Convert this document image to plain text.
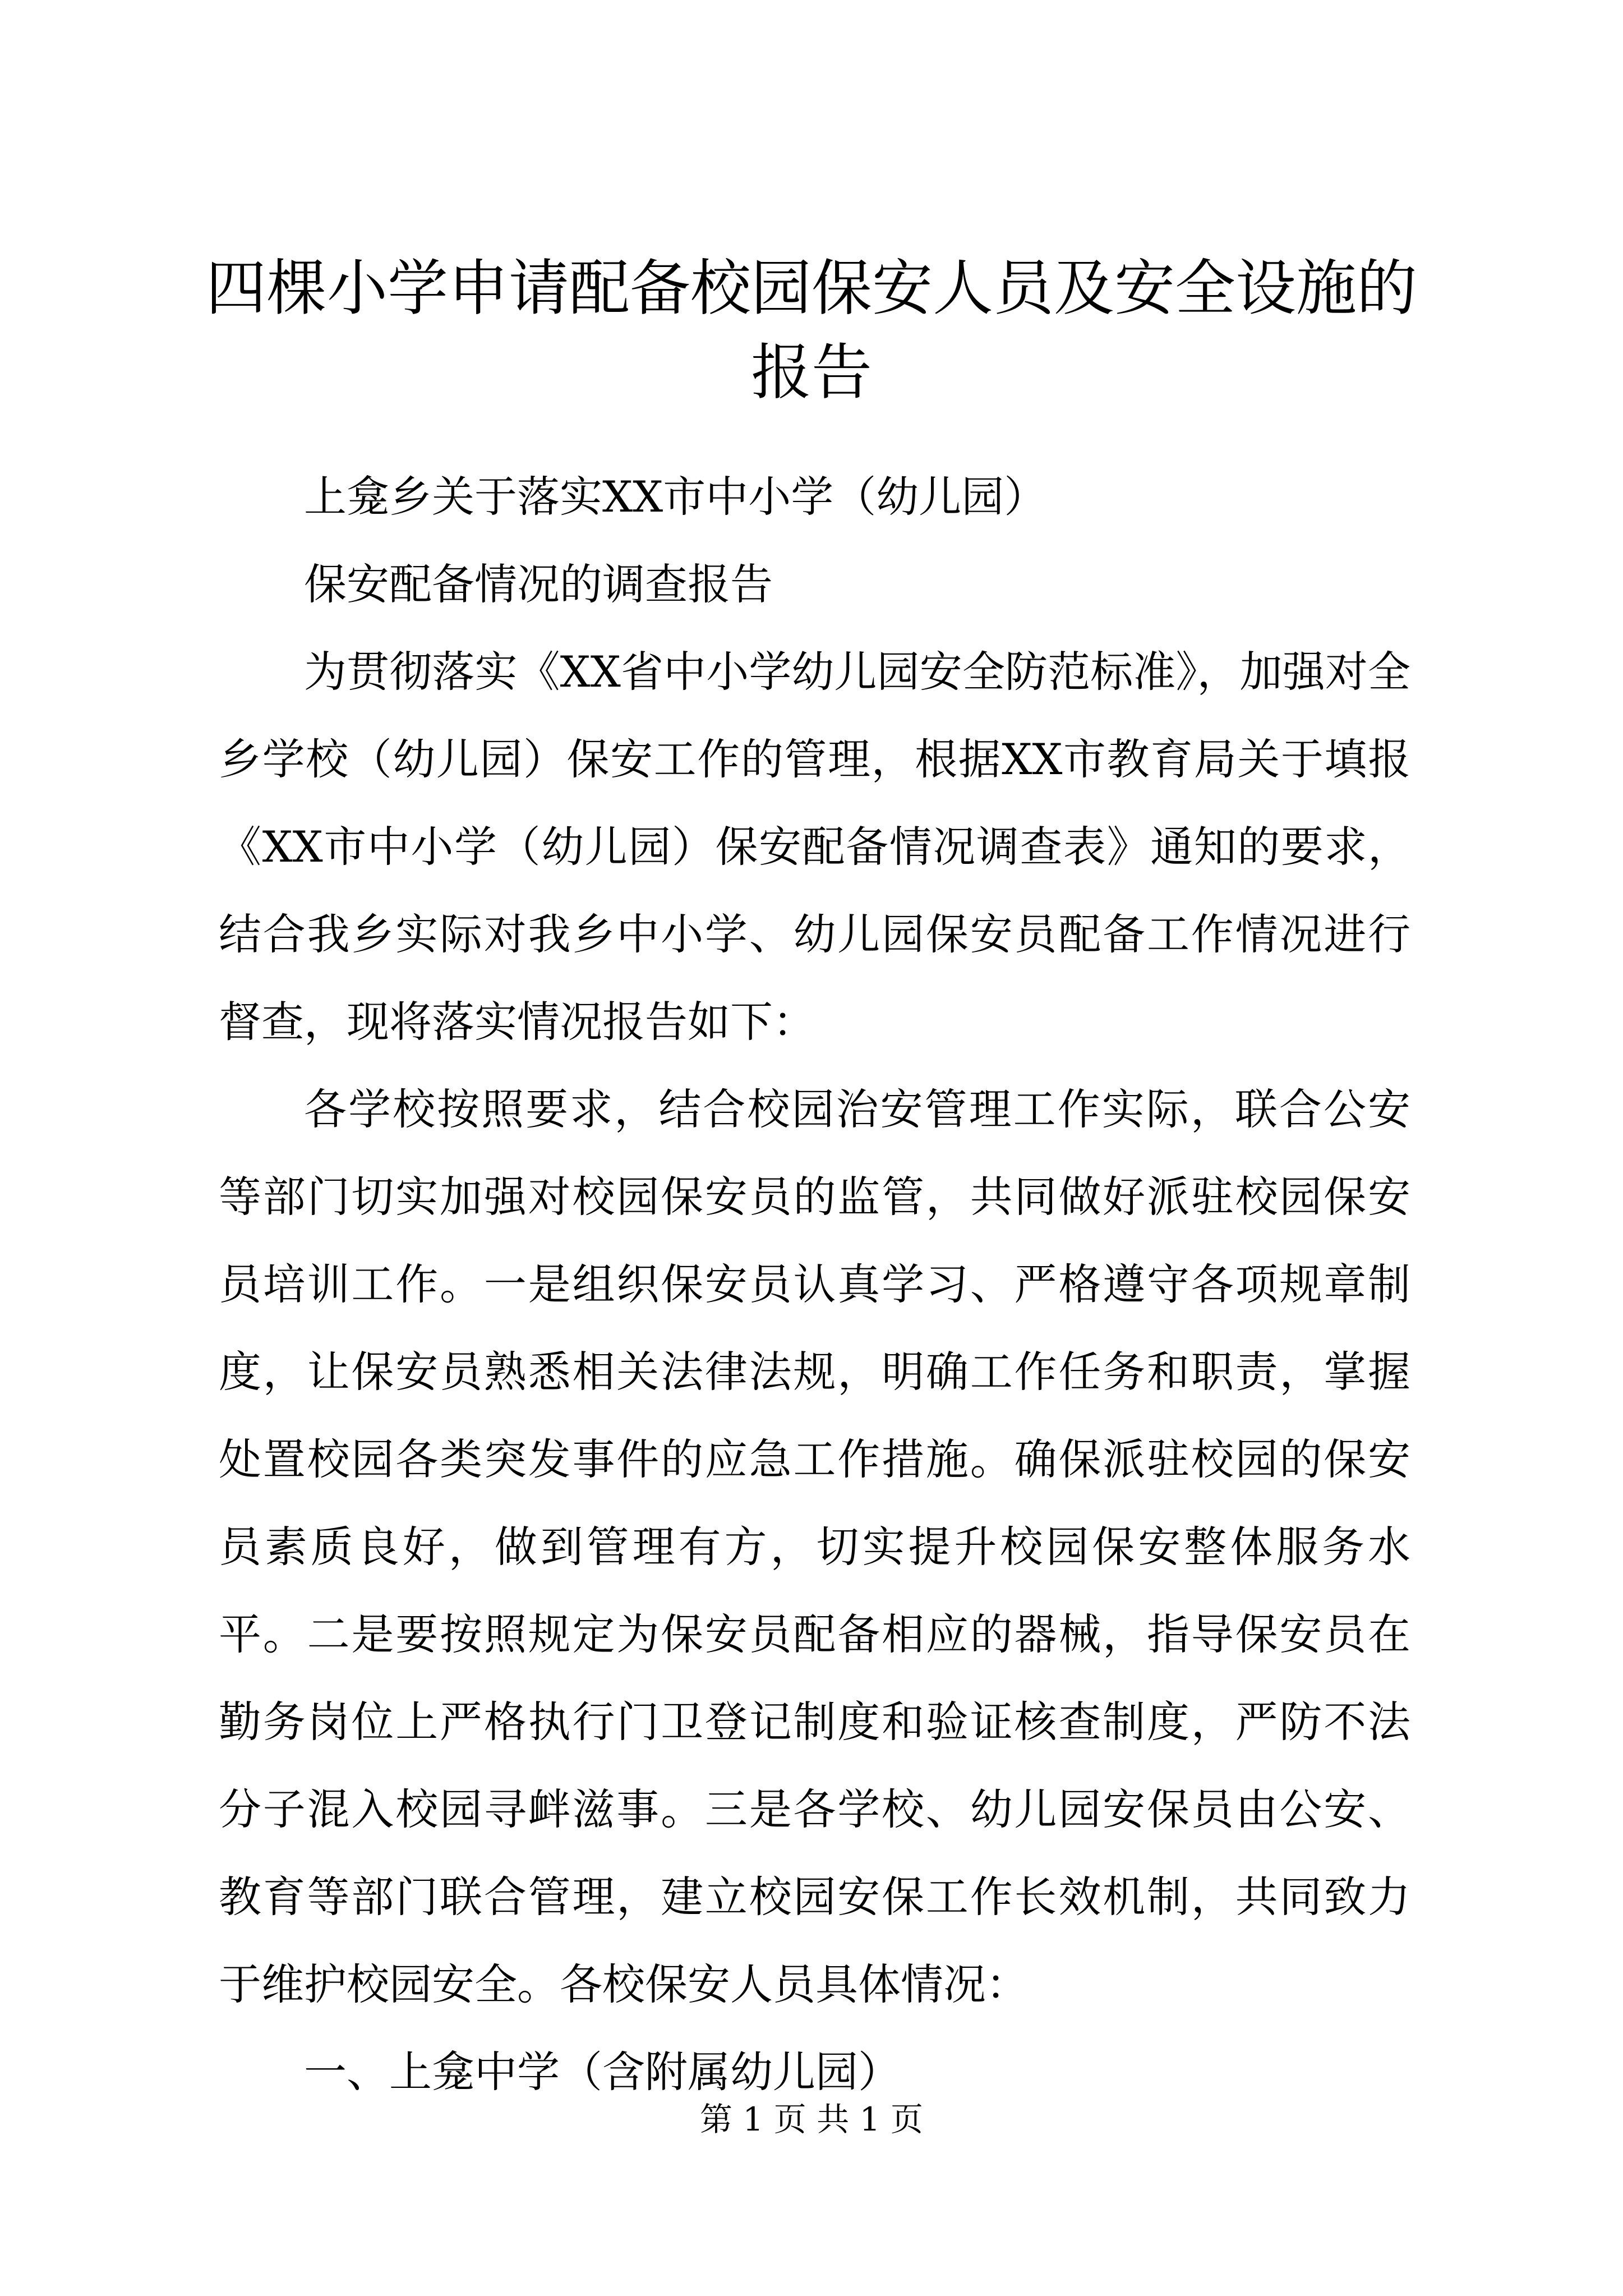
四棵小学申请配备校园保安人员及安全设施的
报告

上龛乡关于落实XX市中小学（幼儿园）

保安配备情况的调查报告

为贯彻落实《XX省中小学幼儿园安全防范标准》，加强对全乡学校（幼儿园）保安工作的管理，根据XX市教育局关于填报《XX市中小学（幼儿园）保安配备情况调查表》通知的要求，结合我乡实际对我乡中小学、幼儿园保安员配备工作情况进行督查，现将落实情况报告如下：

各学校按照要求，结合校园治安管理工作实际，联合公安等部门切实加强对校园保安员的监管，共同做好派驻校园保安员培训工作。一是组织保安员认真学习、严格遵守各项规章制度，让保安员熟悉相关法律法规，明确工作任务和职责，掌握处置校园各类突发事件的应急工作措施。确保派驻校园的保安员素质良好，做到管理有方，切实提升校园保安整体服务水平。二是要按照规定为保安员配备相应的器械，指导保安员在勤务岗位上严格执行门卫登记制度和验证核查制度，严防不法分子混入校园寻衅滋事。三是各学校、幼儿园安保员由公安、教育等部门联合管理，建立校园安保工作长效机制，共同致力于维护校园安全。各校保安人员具体情况：

一、上龛中学（含附属幼儿园）

第 1 页 共 1 页
